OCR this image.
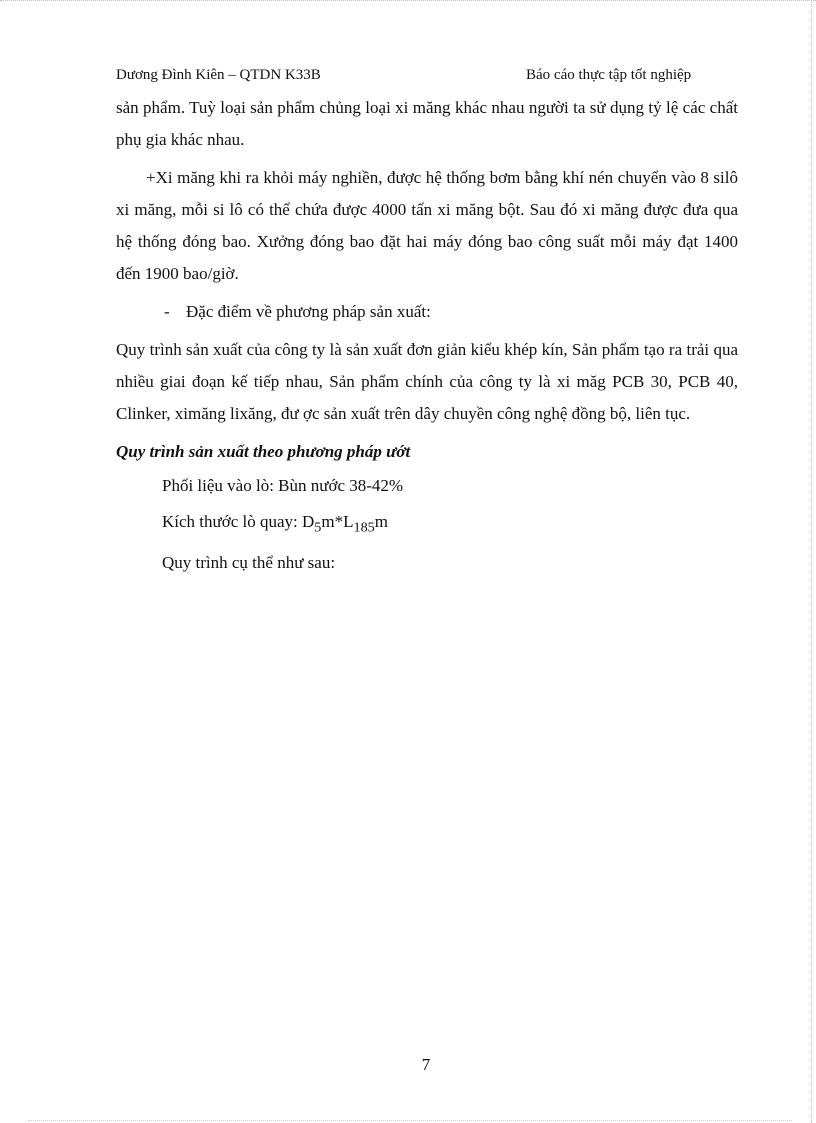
Dương Đình Kiên – QTDN K33B	Báo cáo thực tập tốt nghiệp

sản phẩm. Tuỳ loại sản phẩm chủng loại xi măng khác nhau người ta sử dụng tỷ lệ các chất phụ gia khác nhau.

+Xi măng khi ra khỏi máy nghiền, được hệ thống bơm bằng khí nén chuyển vào 8 silô xi măng, mỗi si lô có thể chứa được 4000 tấn xi măng bột. Sau đó xi măng được đưa qua hệ thống đóng bao. Xưởng đóng bao đặt hai máy đóng bao công suất mỗi máy đạt 1400 đến 1900 bao/giờ.

- Đặc điểm về phương pháp sản xuất:

Quy trình sản xuất của công ty là sản xuất đơn giản kiểu khép kín, Sản phẩm tạo ra trải qua nhiều giai đoạn kế tiếp nhau, Sản phẩm chính của công ty là xi măg PCB 30, PCB 40, Clinker, ximăng lixăng, đư ợc sản xuất trên dây chuyền công nghệ đồng bộ, liên tục.

Quy trình sản xuất theo phương pháp ướt

Phối liệu vào lò: Bùn nước 38-42%

Kích thước lò quay: $D_5m*L_{185}m$

Quy trình cụ thể như sau:

7
